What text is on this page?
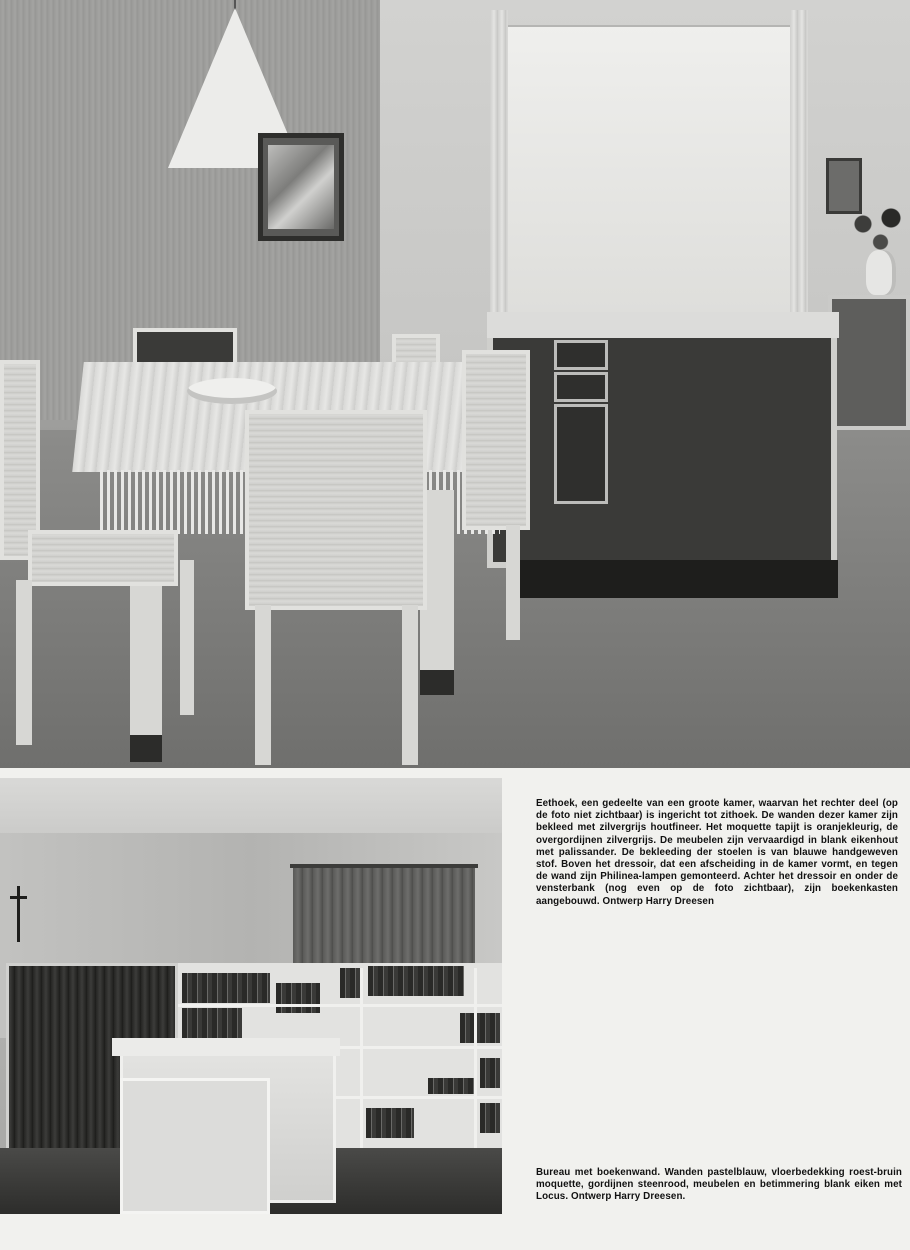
Eethoek, een gedeelte van een groote kamer, waarvan het rechter deel (op de foto niet zichtbaar) is ingericht tot zithoek. De wanden dezer kamer zijn bekleed met zilvergrijs houtfineer. Het moquette tapijt is oranjekleurig, de overgordijnen zilvergrijs. De meubelen zijn vervaardigd in blank eikenhout met palissander. De bekleeding der stoelen is van blauwe handgeweven stof. Boven het dressoir, dat een afscheiding in de kamer vormt, en tegen de wand zijn Philinea-lampen gemonteerd. Achter het dressoir en onder de vensterbank (nog even op de foto zichtbaar), zijn boekenkasten aangebouwd. Ontwerp Harry Dreesen

Bureau met boekenwand. Wanden pastelblauw, vloerbedekking roest-bruin moquette, gordijnen steenrood, meubelen en betimmering blank eiken met Locus. Ontwerp Harry Dreesen.
